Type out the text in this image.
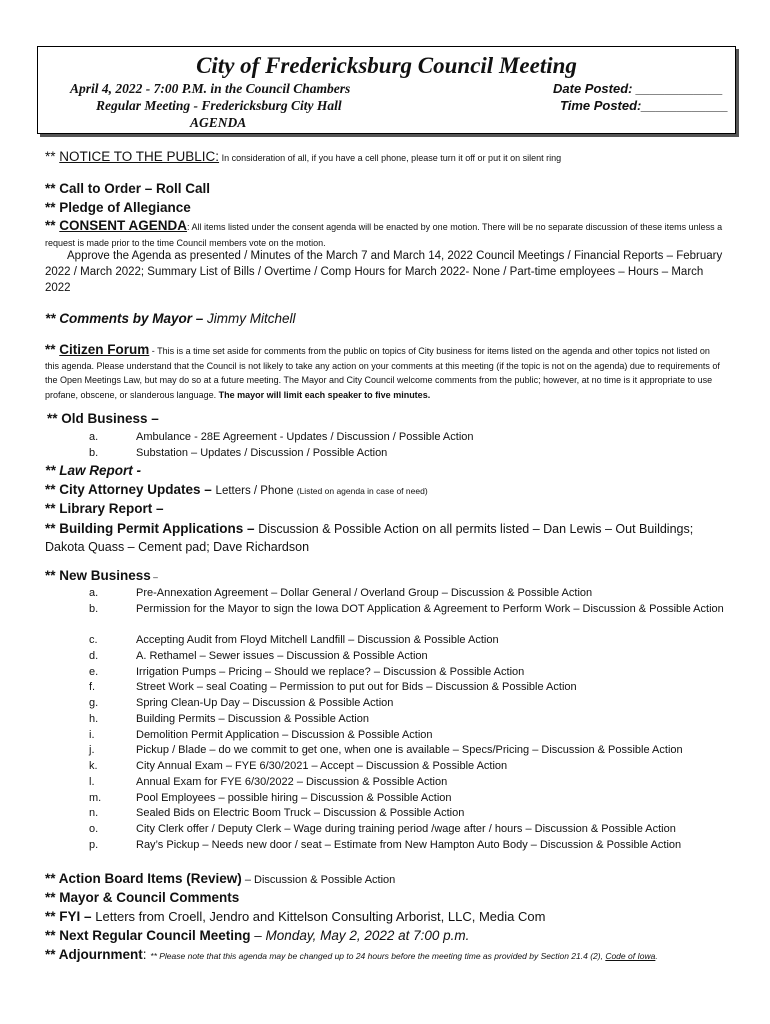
City of Fredericksburg Council Meeting
April 4, 2022 - 7:00 P.M. in the Council Chambers
Regular Meeting - Fredericksburg City Hall
AGENDA
Date Posted: ____________
Time Posted:____________
** NOTICE TO THE PUBLIC: In consideration of all, if you have a cell phone, please turn it off or put it on silent ring
** Call to Order – Roll Call
** Pledge of Allegiance
** CONSENT AGENDA: All items listed under the consent agenda will be enacted by one motion. There will be no separate discussion of these items unless a request is made prior to the time Council members vote on the motion.
Approve the Agenda as presented / Minutes of the March 7 and March 14, 2022 Council Meetings / Financial Reports – February 2022 / March 2022; Summary List of Bills / Overtime / Comp Hours for March 2022- None / Part-time employees – Hours – March 2022
** Comments by Mayor – Jimmy Mitchell
** Citizen Forum - This is a time set aside for comments from the public on topics of City business for items listed on the agenda and other topics not listed on this agenda. Please understand that the Council is not likely to take any action on your comments at this meeting (if the topic is not on the agenda) due to requirements of the Open Meetings Law, but may do so at a future meeting. The Mayor and City Council welcome comments from the public; however, at no time is it appropriate to use profane, obscene, or slanderous language. The mayor will limit each speaker to five minutes.
** Old Business –
a.	Ambulance - 28E Agreement - Updates / Discussion / Possible Action
b.	Substation – Updates / Discussion / Possible Action
** Law Report -
** City Attorney Updates – Letters / Phone (Listed on agenda in case of need)
** Library Report –
** Building Permit Applications – Discussion & Possible Action on all permits listed – Dan Lewis – Out Buildings; Dakota Quass – Cement pad; Dave Richardson
** New Business –
a.	Pre-Annexation Agreement – Dollar General / Overland Group – Discussion & Possible Action
b.	Permission for the Mayor to sign the Iowa DOT Application & Agreement to Perform Work – Discussion & Possible Action
c.	Accepting Audit from Floyd Mitchell Landfill – Discussion & Possible Action
d.	A. Rethamel – Sewer issues – Discussion & Possible Action
e.	Irrigation Pumps – Pricing – Should we replace? – Discussion & Possible Action
f.	Street Work – seal Coating – Permission to put out for Bids – Discussion & Possible Action
g.	Spring Clean-Up Day – Discussion & Possible Action
h.	Building Permits – Discussion & Possible Action
i.	Demolition Permit Application – Discussion & Possible Action
j.	Pickup / Blade – do we commit to get one, when one is available – Specs/Pricing – Discussion & Possible Action
k.	City Annual Exam – FYE 6/30/2021 – Accept – Discussion & Possible Action
l.	Annual Exam for FYE 6/30/2022 – Discussion & Possible Action
m.	Pool Employees – possible hiring – Discussion & Possible Action
n.	Sealed Bids on Electric Boom Truck – Discussion & Possible Action
o.	City Clerk offer / Deputy Clerk – Wage during training period /wage after / hours – Discussion & Possible Action
p.	Ray’s Pickup – Needs new door / seat – Estimate from New Hampton Auto Body – Discussion & Possible Action
** Action Board Items (Review) – Discussion & Possible Action
** Mayor & Council Comments
** FYI – Letters from Croell, Jendro and Kittelson Consulting Arborist, LLC, Media Com
** Next Regular Council Meeting – Monday, May 2, 2022 at 7:00 p.m.
** Adjournment: ** Please note that this agenda may be changed up to 24 hours before the meeting time as provided by Section 21.4 (2), Code of Iowa.
